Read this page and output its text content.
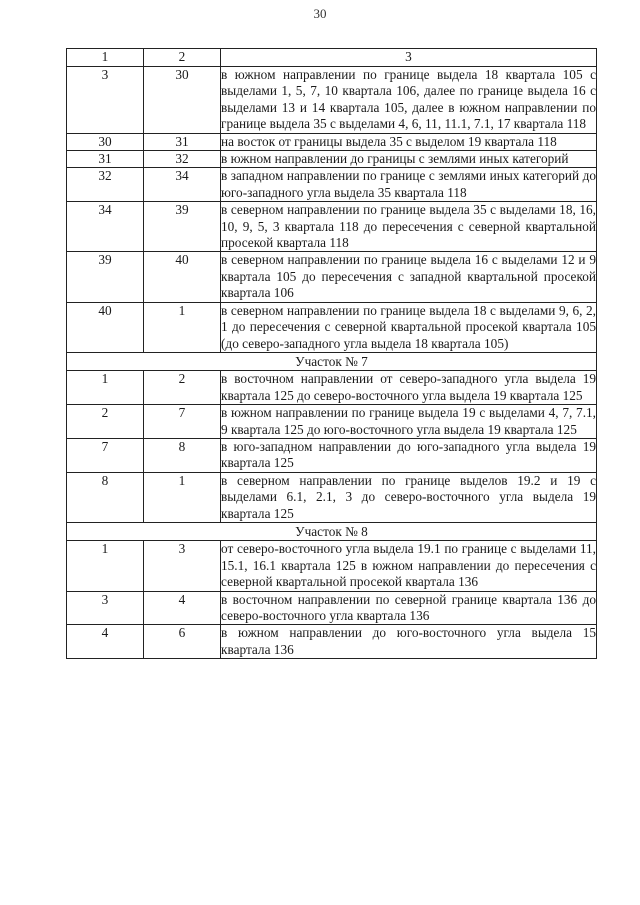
30
1	2	3
3	30	в южном направлении по границе выдела 18 квартала 105 с выделами 1, 5, 7, 10 квартала 106, далее по границе выдела 16 с выделами 13 и 14 квартала 105, далее в южном направлении по границе выдела 35 с выделами 4, 6, 11, 11.1, 7.1, 17 квартала 118
30	31	на восток от границы выдела 35 с выделом 19 квартала 118
31	32	в южном направлении до границы с землями иных категорий
32	34	в западном направлении по границе с землями иных категорий до юго-западного угла выдела 35 квартала 118
34	39	в северном направлении по границе выдела 35 с выделами 18, 16, 10, 9, 5, 3 квартала 118 до пересечения с северной квартальной просекой квартала 118
39	40	в северном направлении по границе выдела 16 с выделами 12 и 9 квартала 105 до пересечения с западной квартальной просекой квартала 106
40	1	в северном направлении по границе выдела 18 с выделами 9, 6, 2, 1 до пересечения с северной квартальной просекой квартала 105 (до северо-западного угла выдела 18 квартала 105)
Участок № 7		
1	2	в восточном направлении от северо-западного угла выдела 19 квартала 125 до северо-восточного угла выдела 19 квартала 125
2	7	в южном направлении по границе выдела 19 с выделами 4, 7, 7.1, 9 квартала 125 до юго-восточного угла выдела 19 квартала 125
7	8	в юго-западном направлении до юго-западного угла выдела 19 квартала 125
8	1	в северном направлении по границе выделов 19.2 и 19 с выделами 6.1, 2.1, 3 до северо-восточного угла выдела 19 квартала 125
Участок № 8		
1	3	от северо-восточного угла выдела 19.1 по границе с выделами 11, 15.1, 16.1 квартала 125 в южном направлении до пересечения с северной квартальной просекой квартала 136
3	4	в восточном направлении по северной границе квартала 136 до северо-восточного угла квартала 136
4	6	в южном направлении до юго-восточного угла выдела 15 квартала 136
